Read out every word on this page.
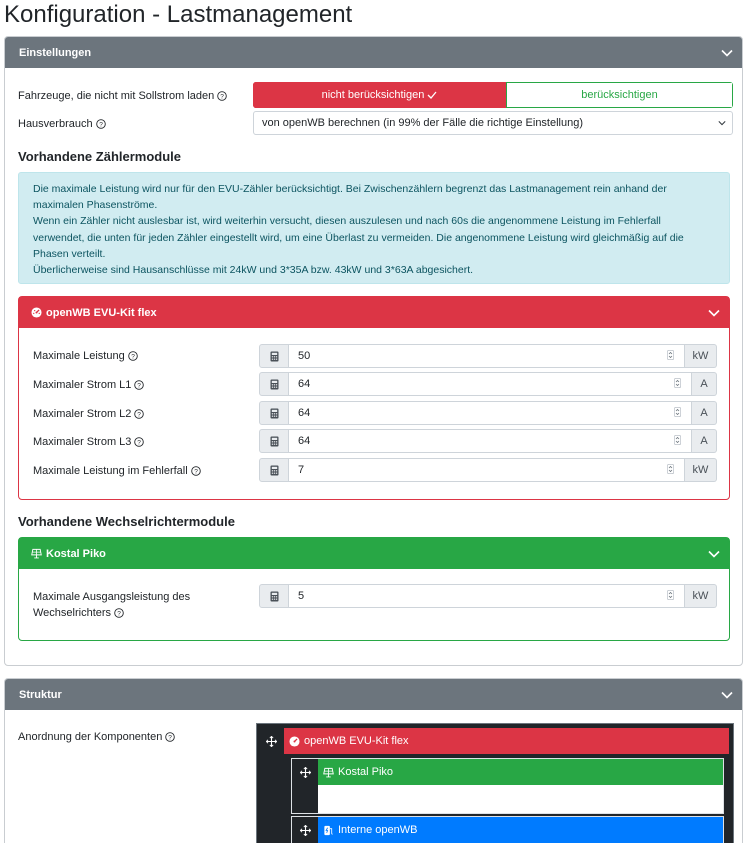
Konfiguration - Lastmanagement
Einstellungen
Fahrzeuge, die nicht mit Sollstrom laden ?	nicht berücksichtigen	berücksichtigen
Hausverbrauch ?	von openWB berechnen (in 99% der Fälle die richtige Einstellung)
Vorhandene Zählermodule
Die maximale Leistung wird nur für den EVU-Zähler berücksichtigt. Bei Zwischenzählern begrenzt das Lastmanagement rein anhand der
maximalen Phasenströme.
Wenn ein Zähler nicht auslesbar ist, wird weiterhin versucht, diesen auszulesen und nach 60s die angenommene Leistung im Fehlerfall
verwendet, die unten für jeden Zähler eingestellt wird, um eine Überlast zu vermeiden. Die angenommene Leistung wird gleichmäßig auf die
Phasen verteilt.
Überlicherweise sind Hausanschlüsse mit 24kW und 3*35A bzw. 43kW und 3*63A abgesichert.
openWB EVU-Kit flex
Maximale Leistung ?	50	kW
Maximaler Strom L1 ?	64	A
Maximaler Strom L2 ?	64	A
Maximaler Strom L3 ?	64	A
Maximale Leistung im Fehlerfall ?	7	kW
Vorhandene Wechselrichtermodule
Kostal Piko
Maximale Ausgangsleistung des
Wechselrichters ?
5	kW
Struktur
Anordnung der Komponenten ?	openWB EVU-Kit flex
Kostal Piko
Interne openWB
